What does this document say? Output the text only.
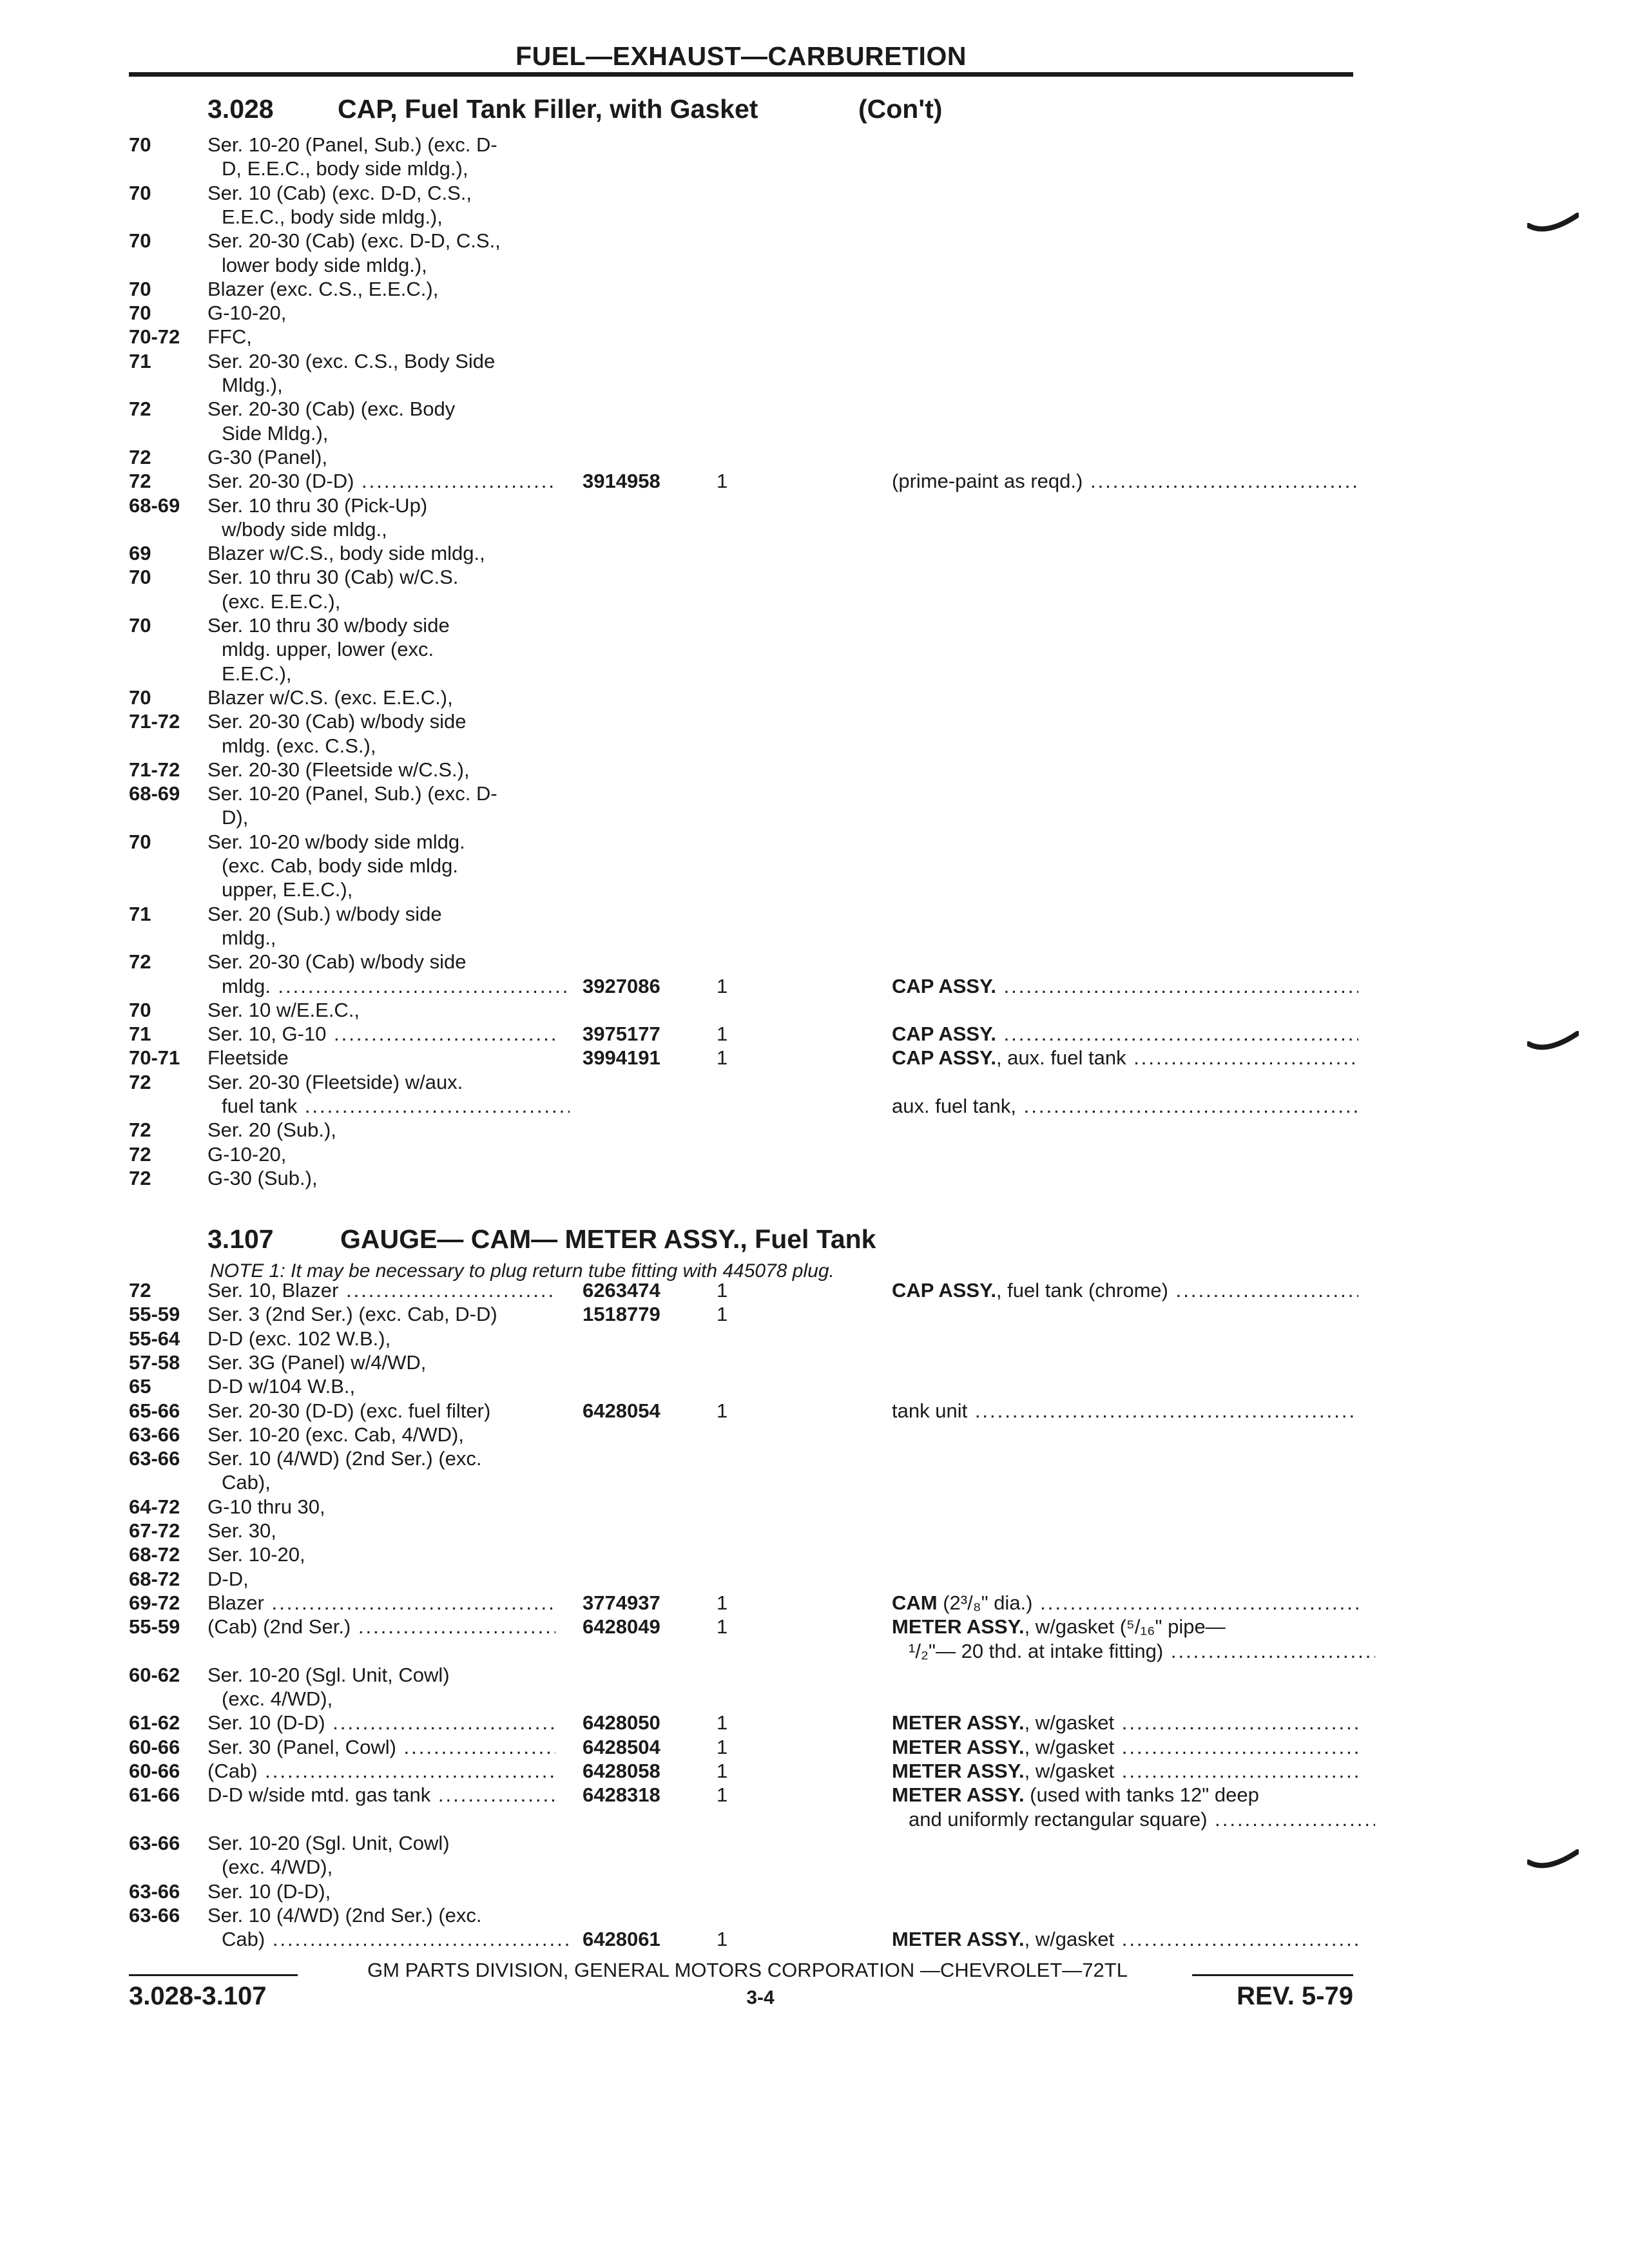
FUEL—EXHAUST—CARBURETION
3.028 CAP, Fuel Tank Filler, with Gasket	(Con't)
3.107	GAUGE— CAM— METER ASSY., Fuel Tank
NOTE 1: It may be necessary to plug return tube fitting with 445078 plug.
70	Ser. 10-20 (Panel, Sub.) (exc. D-
D, E.E.C., body side mldg.),
70	Ser. 10 (Cab) (exc. D-D, C.S.,
E.E.C., body side mldg.),
70	Ser. 20-30 (Cab) (exc. D-D, C.S.,
lower body side mldg.),
70	Blazer (exc. C.S., E.E.C.),
70	G-10-20,
70-72 FFC,
71	Ser. 20-30 (exc. C.S., Body Side
Mldg.),
72	Ser. 20-30 (Cab) (exc. Body
Side Mldg.),
72	G-30 (Panel),
72	Ser. 20-30 (D-D) .....	3914958	1	(prime-paint as reqd.) .....
68-69 Ser. 10 thru 30 (Pick-Up)
w/body side mldg.,
69	Blazer w/C.S., body side mldg.,
70	Ser. 10 thru 30 (Cab) w/C.S.
(exc. E.E.C.),
70	Ser. 10 thru 30 w/body side
mldg. upper, lower (exc.
E.E.C.),
70	Blazer w/C.S. (exc. E.E.C.),
71-72 Ser. 20-30 (Cab) w/body side
mldg. (exc. C.S.),
71-72 Ser. 20-30 (Fleetside w/C.S.),
68-69 Ser. 10-20 (Panel, Sub.) (exc. D-
D),
70	Ser. 10-20 w/body side mldg.
(exc. Cab, body side mldg.
upper, E.E.C.),
71	Ser. 20 (Sub.) w/body side
mldg.,
72	Ser. 20-30 (Cab) w/body side
mldg. .....	3927086	1	CAP ASSY. .....
70	Ser. 10 w/E.E.C.,
71	Ser. 10, G-10 .....	3975177	1	CAP ASSY. .....
70-71 Fleetside	3994191	1	CAP ASSY., aux. fuel tank .....
72	Ser. 20-30 (Fleetside) w/aux.
fuel tank .....	aux. fuel tank, .....
72	Ser. 20 (Sub.),
72	G-10-20,
72	G-30 (Sub.),
72	Ser. 10, Blazer .....	6263474	1	CAP ASSY., fuel tank (chrome) .....
55-59 Ser. 3 (2nd Ser.) (exc. Cab, D-D)	1518779	1
55-64 D-D (exc. 102 W.B.),
57-58 Ser. 3G (Panel) w/4/WD,
65	D-D w/104 W.B.,
65-66 Ser. 20-30 (D-D) (exc. fuel filter)	6428054	1	tank unit .....
63-66 Ser. 10-20 (exc. Cab, 4/WD),
63-66 Ser. 10 (4/WD) (2nd Ser.) (exc.
Cab),
64-72 G-10 thru 30,
67-72 Ser. 30,
68-72 Ser. 10-20,
68-72 D-D,
69-72 Blazer .....	3774937	1	CAM (2³/₈" dia.) .....
55-59 (Cab) (2nd Ser.) .....	6428049	1	METER ASSY., w/gasket (⁵/₁₆" pipe—
¹/₂"— 20 thd. at intake fitting) .....
60-62 Ser. 10-20 (Sgl. Unit, Cowl)
(exc. 4/WD),
61-62 Ser. 10 (D-D) .....	6428050	1	METER ASSY., w/gasket .....
60-66 Ser. 30 (Panel, Cowl) .....	6428504	1	METER ASSY., w/gasket .....
60-66 (Cab) .....	6428058	1	METER ASSY., w/gasket .....
61-66 D-D w/side mtd. gas tank .....	6428318	1	METER ASSY. (used with tanks 12" deep
and uniformly rectangular square) .....
63-66 Ser. 10-20 (Sgl. Unit, Cowl)
(exc. 4/WD),
63-66 Ser. 10 (D-D),
63-66 Ser. 10 (4/WD) (2nd Ser.) (exc.
Cab) .....	6428061	1	METER ASSY., w/gasket .....
GM PARTS DIVISION, GENERAL MOTORS CORPORATION —CHEVROLET—72TL
3.028-3.107	3-4	REV. 5-79
